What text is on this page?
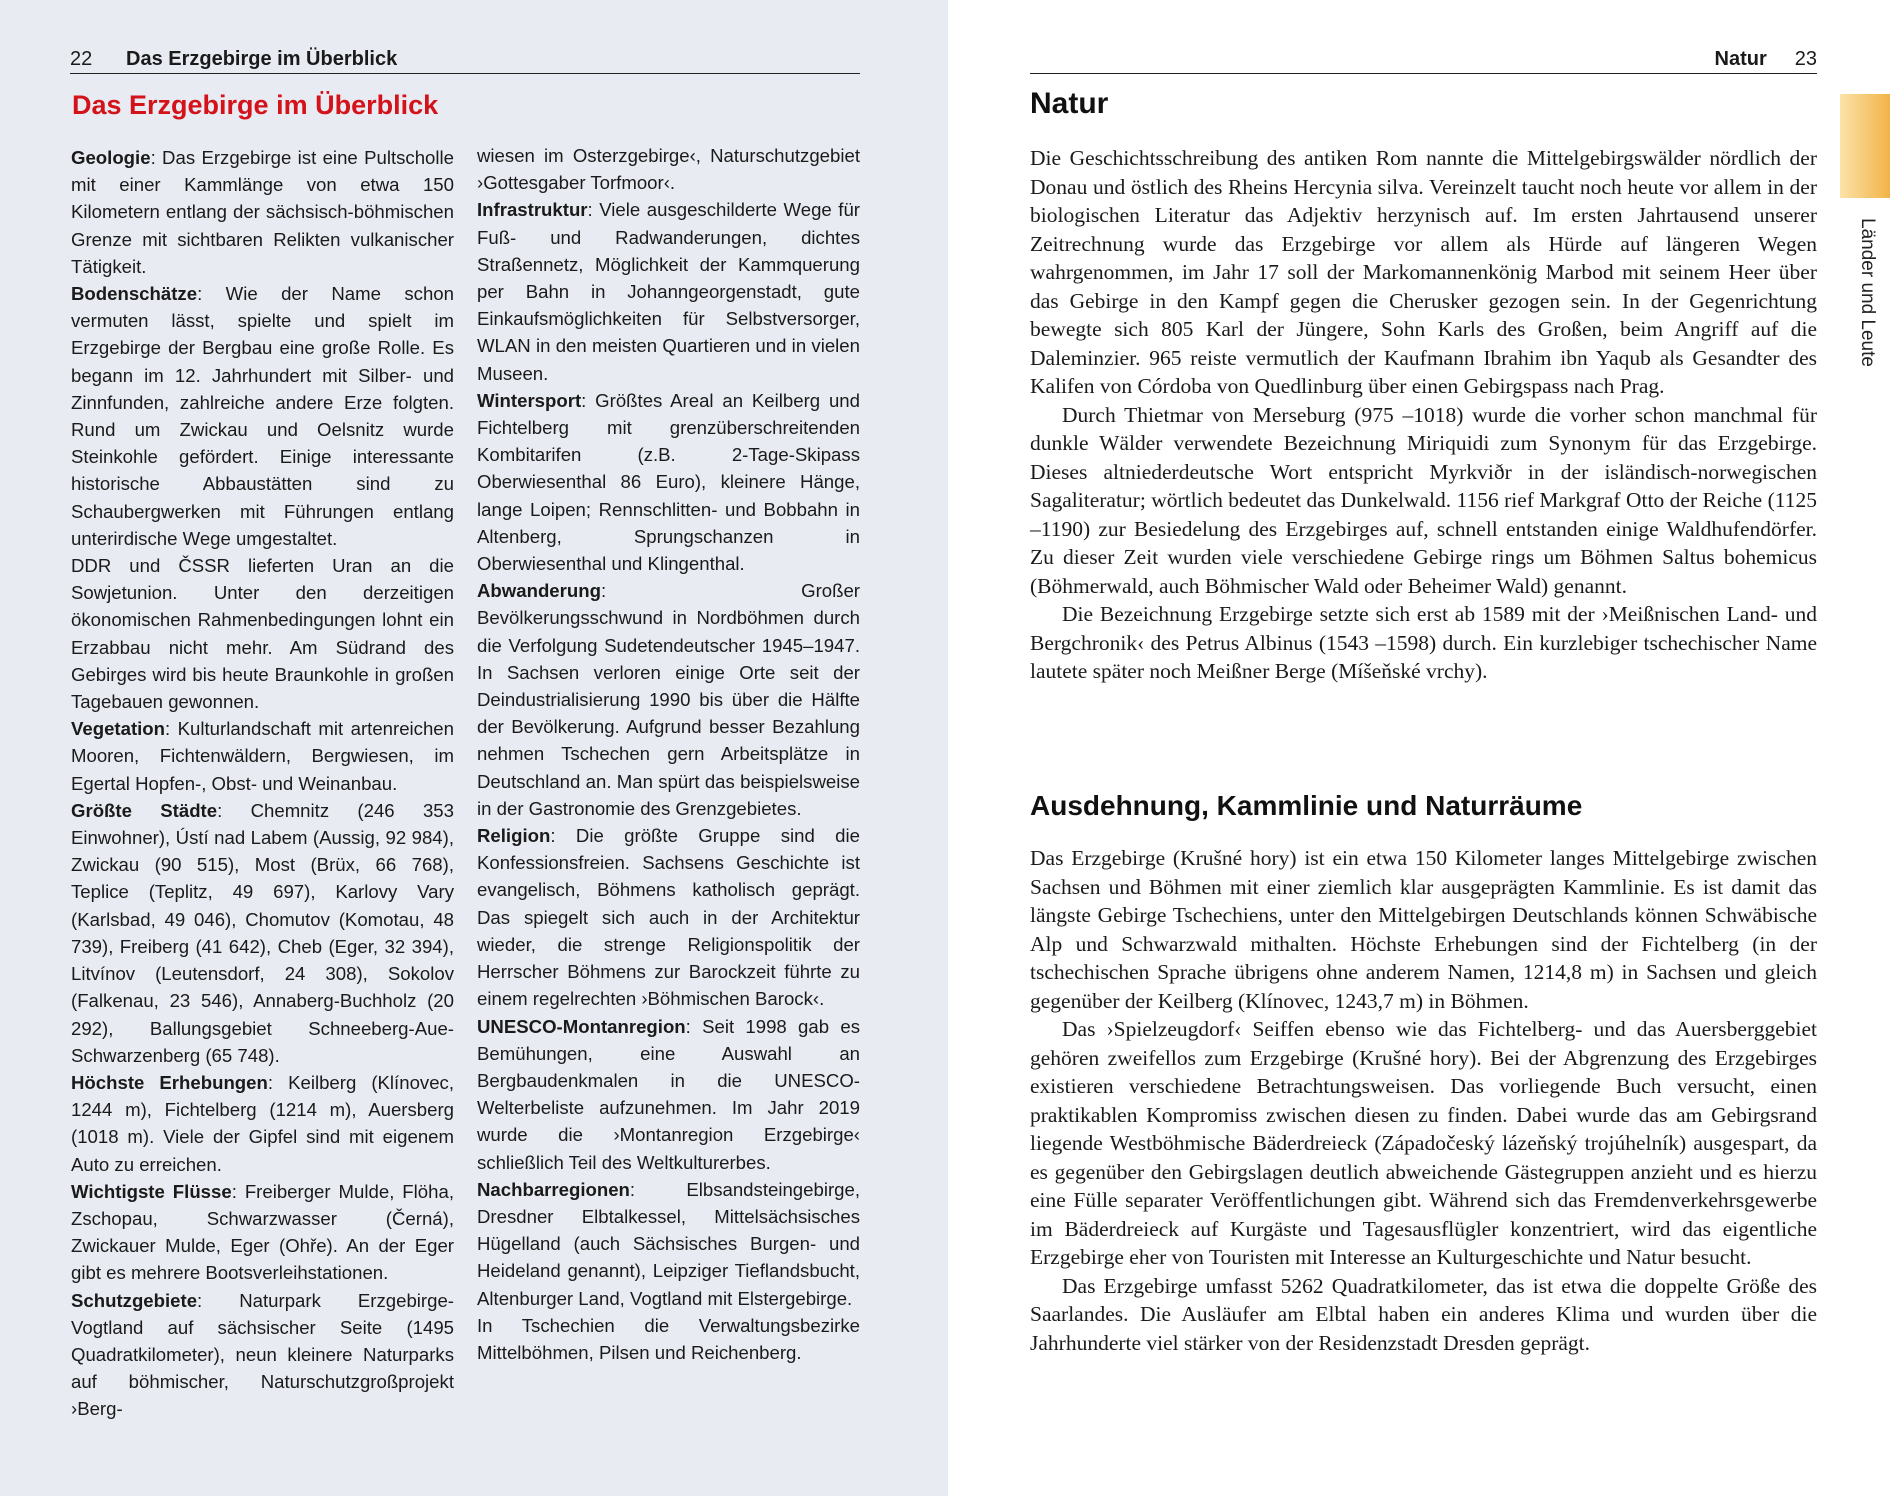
22 Das Erzgebirge im Überblick
Das Erzgebirge im Überblick

Geologie: Das Erzgebirge ist eine Pultscholle mit einer Kammlänge von etwa 150 Kilometern entlang der sächsisch-böhmischen Grenze mit sichtbaren Relikten vulkanischer Tätigkeit.

Bodenschätze: Wie der Name schon vermuten lässt, spielte und spielt im Erzgebirge der Bergbau eine große Rolle. Es begann im 12. Jahrhundert mit Silber- und Zinnfunden, zahlreiche andere Erze folgten. Rund um Zwickau und Oelsnitz wurde Steinkohle gefördert. Einige interessante historische Abbaustätten sind zu Schaubergwerken mit Führungen entlang unterirdische Wege umgestaltet.

DDR und ČSSR lieferten Uran an die Sowjetunion. Unter den derzeitigen ökonomischen Rahmenbedingungen lohnt ein Erzabbau nicht mehr. Am Südrand des Gebirges wird bis heute Braunkohle in großen Tagebauen gewonnen.

Vegetation: Kulturlandschaft mit artenreichen Mooren, Fichtenwäldern, Bergwiesen, im Egertal Hopfen-, Obst- und Weinanbau.

Größte Städte: Chemnitz (246 353 Einwohner), Ústí nad Labem (Aussig, 92 984), Zwickau (90 515), Most (Brüx, 66 768), Teplice (Teplitz, 49 697), Karlovy Vary (Karlsbad, 49 046), Chomutov (Komotau, 48 739), Freiberg (41 642), Cheb (Eger, 32 394), Litvínov (Leutensdorf, 24 308), Sokolov (Falkenau, 23 546), Annaberg-Buchholz (20 292), Ballungsgebiet Schneeberg-Aue-Schwarzenberg (65 748).

Höchste Erhebungen: Keilberg (Klínovec, 1244 m), Fichtelberg (1214 m), Auersberg (1018 m). Viele der Gipfel sind mit eigenem Auto zu erreichen.

Wichtigste Flüsse: Freiberger Mulde, Flöha, Zschopau, Schwarzwasser (Černá), Zwickauer Mulde, Eger (Ohře). An der Eger gibt es mehrere Bootsverleihstationen.

Schutzgebiete: Naturpark Erzgebirge-Vogtland auf sächsischer Seite (1495 Quadratkilometer), neun kleinere Naturparks auf böhmischer, Naturschutzgroßprojekt ›Berg-

wiesen im Osterzgebirge‹, Naturschutzgebiet ›Gottesgaber Torfmoor‹.

Infrastruktur: Viele ausgeschilderte Wege für Fuß- und Radwanderungen, dichtes Straßennetz, Möglichkeit der Kammquerung per Bahn in Johanngeorgenstadt, gute Einkaufsmöglichkeiten für Selbstversorger, WLAN in den meisten Quartieren und in vielen Museen.

Wintersport: Größtes Areal an Keilberg und Fichtelberg mit grenzüberschreitenden Kombitarifen (z.B. 2-Tage-Skipass Oberwiesenthal 86 Euro), kleinere Hänge, lange Loipen; Rennschlitten- und Bobbahn in Altenberg, Sprungschanzen in Oberwiesenthal und Klingenthal.

Abwanderung: Großer Bevölkerungsschwund in Nordböhmen durch die Verfolgung Sudetendeutscher 1945–1947. In Sachsen verloren einige Orte seit der Deindustrialisierung 1990 bis über die Hälfte der Bevölkerung. Aufgrund besser Bezahlung nehmen Tschechen gern Arbeitsplätze in Deutschland an. Man spürt das beispielsweise in der Gastronomie des Grenzgebietes.

Religion: Die größte Gruppe sind die Konfessionsfreien. Sachsens Geschichte ist evangelisch, Böhmens katholisch geprägt. Das spiegelt sich auch in der Architektur wieder, die strenge Religionspolitik der Herrscher Böhmens zur Barockzeit führte zu einem regelrechten ›Böhmischen Barock‹.

UNESCO-Montanregion: Seit 1998 gab es Bemühungen, eine Auswahl an Bergbaudenkmalen in die UNESCO-Welterbeliste aufzunehmen. Im Jahr 2019 wurde die ›Montanregion Erzgebirge‹ schließlich Teil des Weltkulturerbes.

Nachbarregionen: Elbsandsteingebirge, Dresdner Elbtalkessel, Mittelsächsisches Hügelland (auch Sächsisches Burgen- und Heideland genannt), Leipziger Tieflandsbucht, Altenburger Land, Vogtland mit Elstergebirge.

In Tschechien die Verwaltungsbezirke Mittelböhmen, Pilsen und Reichenberg.

Natur 23
Länder und Leute
Natur

Die Geschichtsschreibung des antiken Rom nannte die Mittelgebirgswälder nördlich der Donau und östlich des Rheins Hercynia silva. Vereinzelt taucht noch heute vor allem in der biologischen Literatur das Adjektiv herzynisch auf. Im ersten Jahrtausend unserer Zeitrechnung wurde das Erzgebirge vor allem als Hürde auf längeren Wegen wahrgenommen, im Jahr 17 soll der Markomannenkönig Marbod mit seinem Heer über das Gebirge in den Kampf gegen die Cherusker gezogen sein. In der Gegenrichtung bewegte sich 805 Karl der Jüngere, Sohn Karls des Großen, beim Angriff auf die Daleminzier. 965 reiste vermutlich der Kaufmann Ibrahim ibn Yaqub als Gesandter des Kalifen von Córdoba von Quedlinburg über einen Gebirgspass nach Prag.

Durch Thietmar von Merseburg (975 –1018) wurde die vorher schon manchmal für dunkle Wälder verwendete Bezeichnung Miriquidi zum Synonym für das Erzgebirge. Dieses altniederdeutsche Wort entspricht Myrkviðr in der isländisch-norwegischen Sagaliteratur; wörtlich bedeutet das Dunkelwald. 1156 rief Markgraf Otto der Reiche (1125 –1190) zur Besiedelung des Erzgebirges auf, schnell entstanden einige Waldhufendörfer. Zu dieser Zeit wurden viele verschiedene Gebirge rings um Böhmen Saltus bohemicus (Böhmerwald, auch Böhmischer Wald oder Beheimer Wald) genannt.

Die Bezeichnung Erzgebirge setzte sich erst ab 1589 mit der ›Meißnischen Land- und Bergchronik‹ des Petrus Albinus (1543 –1598) durch. Ein kurzlebiger tschechischer Name lautete später noch Meißner Berge (Míšeňské vrchy).

Ausdehnung, Kammlinie und Naturräume

Das Erzgebirge (Krušné hory) ist ein etwa 150 Kilometer langes Mittelgebirge zwischen Sachsen und Böhmen mit einer ziemlich klar ausgeprägten Kammlinie. Es ist damit das längste Gebirge Tschechiens, unter den Mittelgebirgen Deutschlands können Schwäbische Alp und Schwarzwald mithalten. Höchste Erhebungen sind der Fichtelberg (in der tschechischen Sprache übrigens ohne anderem Namen, 1214,8 m) in Sachsen und gleich gegenüber der Keilberg (Klínovec, 1243,7 m) in Böhmen.

Das ›Spielzeugdorf‹ Seiffen ebenso wie das Fichtelberg- und das Auersberggebiet gehören zweifellos zum Erzgebirge (Krušné hory). Bei der Abgrenzung des Erzgebirges existieren verschiedene Betrachtungsweisen. Das vorliegende Buch versucht, einen praktikablen Kompromiss zwischen diesen zu finden. Dabei wurde das am Gebirgsrand liegende Westböhmische Bäderdreieck (Západočeský lázeňský trojúhelník) ausgespart, da es gegenüber den Gebirgslagen deutlich abweichende Gästegruppen anzieht und es hierzu eine Fülle separater Veröffentlichungen gibt. Während sich das Fremdenverkehrsgewerbe im Bäderdreieck auf Kurgäste und Tagesausflügler konzentriert, wird das eigentliche Erzgebirge eher von Touristen mit Interesse an Kulturgeschichte und Natur besucht.

Das Erzgebirge umfasst 5262 Quadratkilometer, das ist etwa die doppelte Größe des Saarlandes. Die Ausläufer am Elbtal haben ein anderes Klima und wurden über die Jahrhunderte viel stärker von der Residenzstadt Dresden geprägt.
